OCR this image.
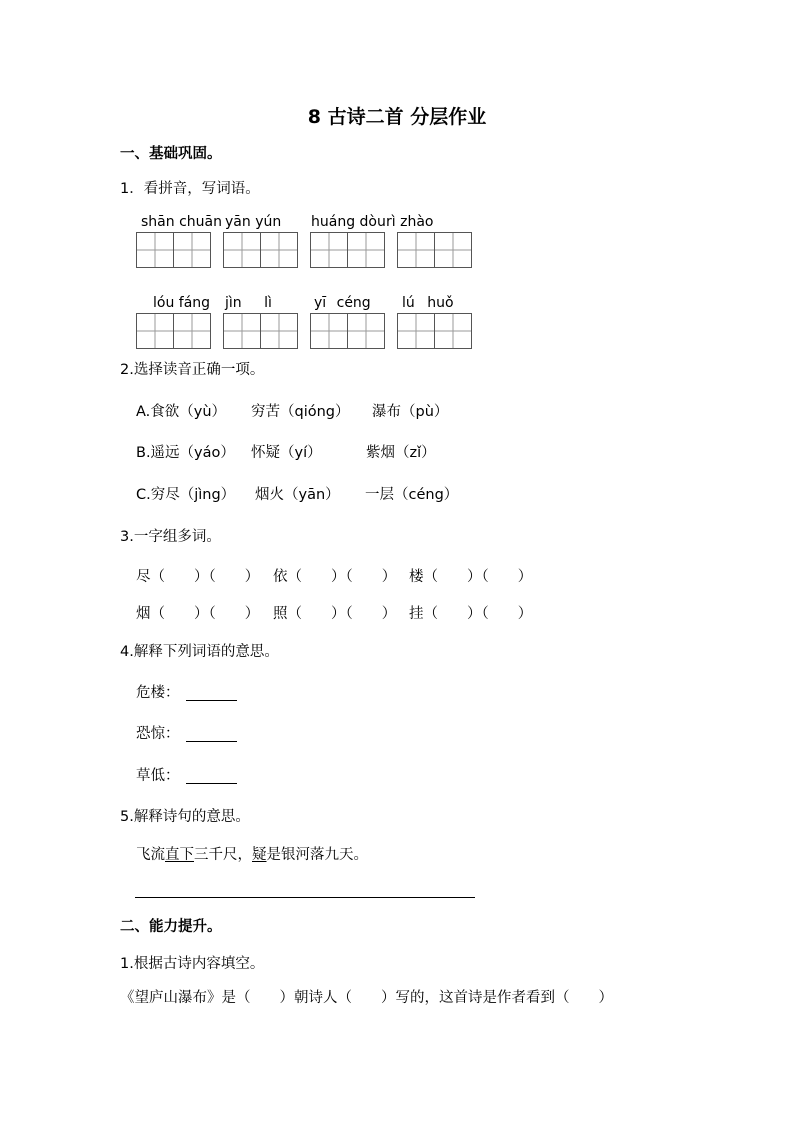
8 古诗二首 分层作业
一、基础巩固。
1．看拼音，写词语。
shān chuān yān yún huáng dòu rì zhào
lóu fáng jìn lì	yī céng lú huǒ
2.选择读音正确一项。
A.食欲（yù） 穷苦（qióng） 瀑布（pù）
B.遥远（yáo） 怀疑（yí）	紫烟（zǐ）
C.穷尽（jìng） 烟火（yān） 一层（céng）
3.一字组多词。
尽（　　）（　　） 依（　　）（　　） 楼（　　）（　　）
烟（　　）（　　） 照（　　）（　　） 挂（　　）（　　）
4.解释下列词语的意思。
危楼：
恐惊：
草低：
5.解释诗句的意思。
飞流直下三千尺，疑是银河落九天。
二、能力提升。
1.根据古诗内容填空。
《望庐山瀑布》是（　　）朝诗人（　　）写的，这首诗是作者看到（　　）
